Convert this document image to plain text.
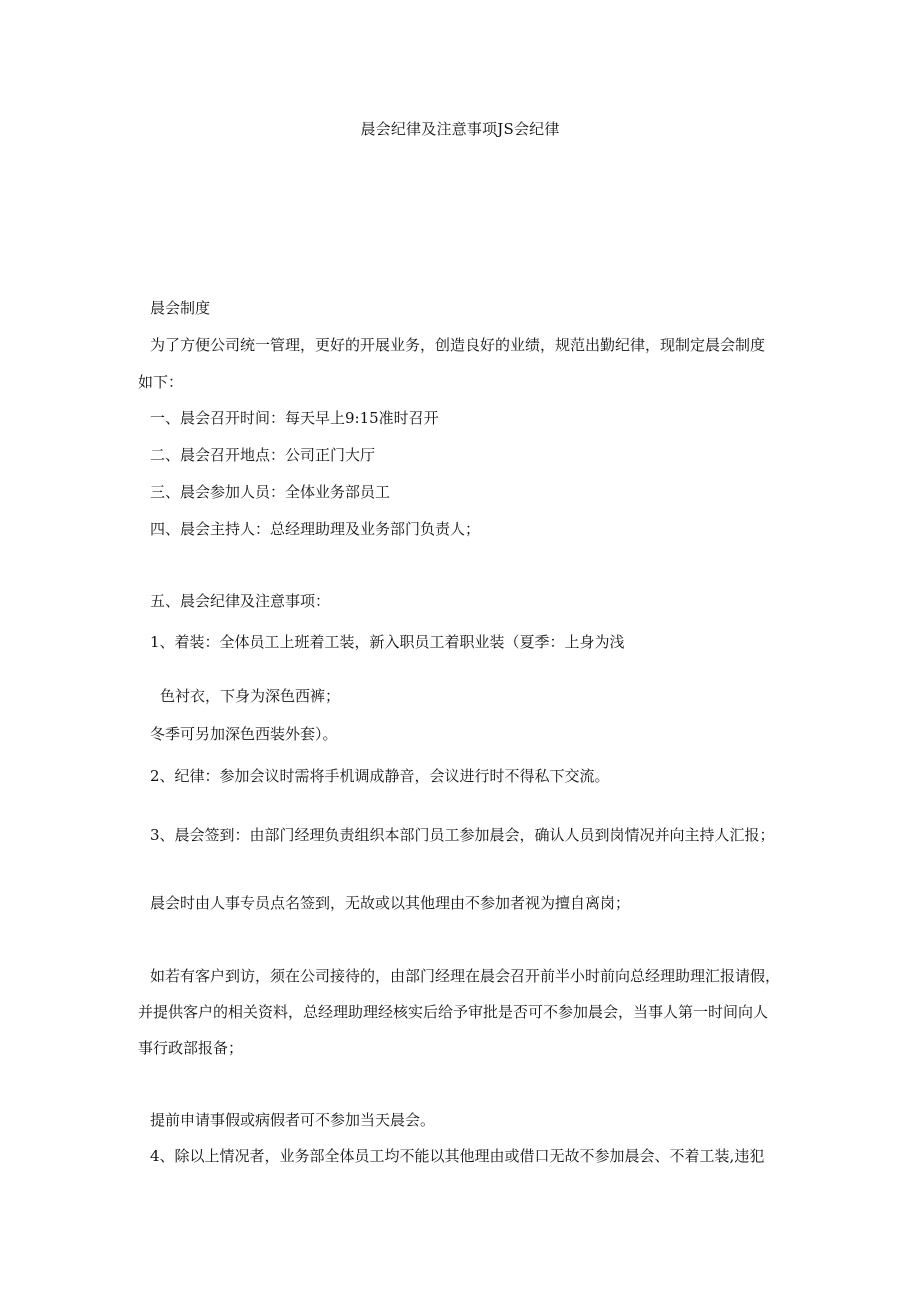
晨会纪律及注意事项JS会纪律
晨会制度
为了方便公司统一管理，更好的开展业务，创造良好的业绩，规范出勤纪律，现制定晨会制度
如下：
一、晨会召开时间：每天早上9:15准时召开
二、晨会召开地点：公司正门大厅
三、晨会参加人员：全体业务部员工
四、晨会主持人：总经理助理及业务部门负责人；
五、晨会纪律及注意事项：
1、着装：全体员工上班着工装，新入职员工着职业装（夏季：上身为浅
色衬衣，下身为深色西裤；
冬季可另加深色西装外套）。
2、纪律：参加会议时需将手机调成静音，会议进行时不得私下交流。
3、晨会签到：由部门经理负责组织本部门员工参加晨会，确认人员到岗情况并向主持人汇报；
晨会时由人事专员点名签到，无故或以其他理由不参加者视为擅自离岗；
如若有客户到访，须在公司接待的，由部门经理在晨会召开前半小时前向总经理助理汇报请假，
并提供客户的相关资料，总经理助理经核实后给予审批是否可不参加晨会，当事人第一时间向人
事行政部报备；
提前申请事假或病假者可不参加当天晨会。
4、除以上情况者，业务部全体员工均不能以其他理由或借口无故不参加晨会、不着工装,违犯
